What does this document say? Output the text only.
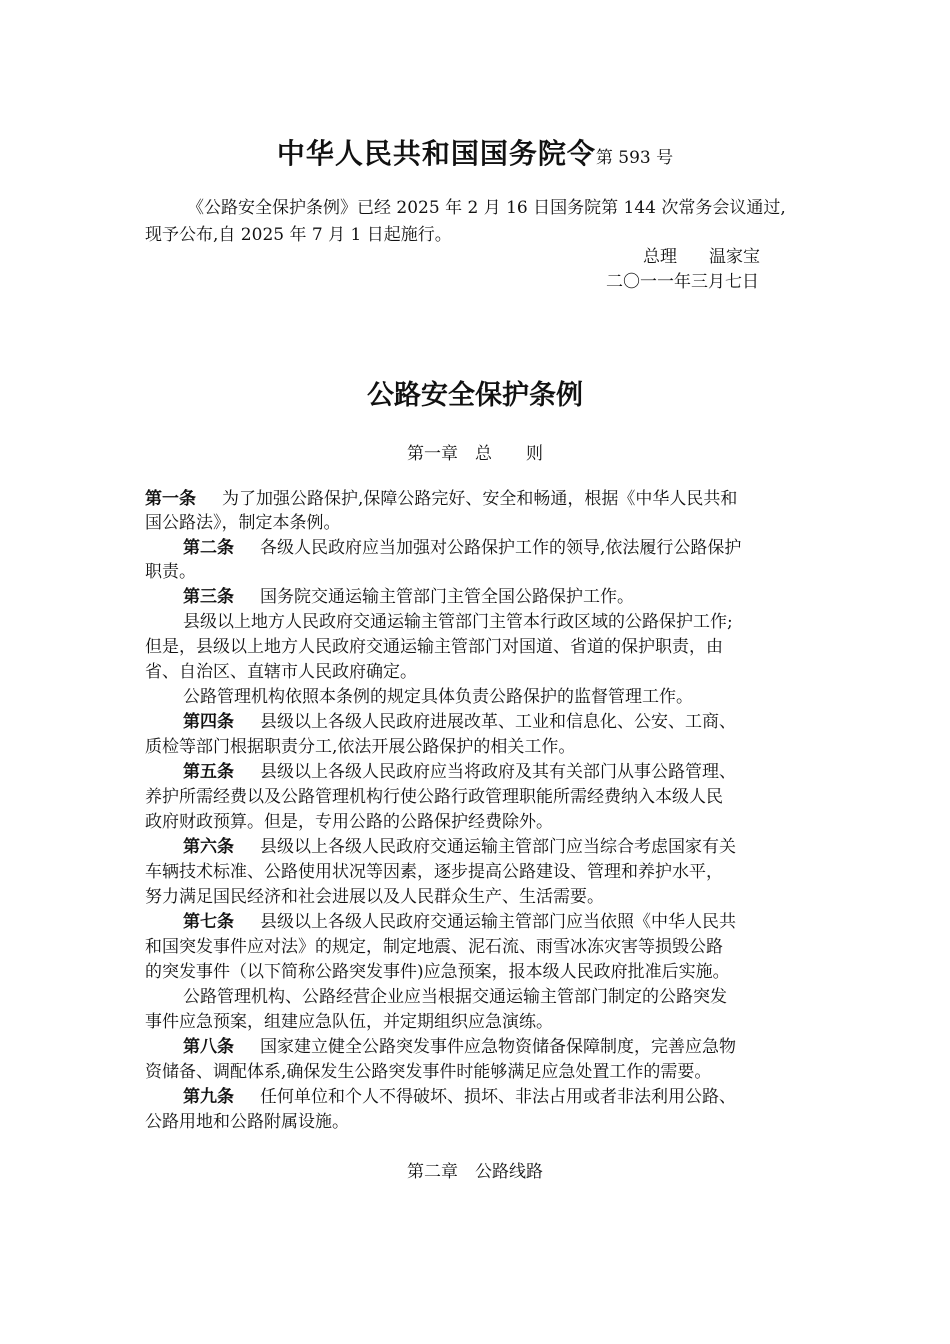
中华人民共和国国务院令第 593 号
《公路安全保护条例》已经 2025 年 2 月 16 日国务院第 144 次常务会议通过,
现予公布,自 2025 年 7 月 1 日起施行。
总理 温家宝
二〇一一年三月七日
公路安全保护条例
第一章　总　　则
第一条 为了加强公路保护,保障公路完好、安全和畅通，根据《中华人民共和
国公路法》，制定本条例。
第二条 各级人民政府应当加强对公路保护工作的领导,依法履行公路保护
职责。
第三条 国务院交通运输主管部门主管全国公路保护工作。
县级以上地方人民政府交通运输主管部门主管本行政区域的公路保护工作;
但是，县级以上地方人民政府交通运输主管部门对国道、省道的保护职责，由
省、自治区、直辖市人民政府确定。
公路管理机构依照本条例的规定具体负责公路保护的监督管理工作。
第四条 县级以上各级人民政府进展改革、工业和信息化、公安、工商、
质检等部门根据职责分工,依法开展公路保护的相关工作。
第五条 县级以上各级人民政府应当将政府及其有关部门从事公路管理、
养护所需经费以及公路管理机构行使公路行政管理职能所需经费纳入本级人民
政府财政预算。但是，专用公路的公路保护经费除外。
第六条 县级以上各级人民政府交通运输主管部门应当综合考虑国家有关
车辆技术标准、公路使用状况等因素，逐步提高公路建设、管理和养护水平，
努力满足国民经济和社会进展以及人民群众生产、生活需要。
第七条 县级以上各级人民政府交通运输主管部门应当依照《中华人民共
和国突发事件应对法》的规定，制定地震、泥石流、雨雪冰冻灾害等损毁公路
的突发事件（以下简称公路突发事件)应急预案，报本级人民政府批准后实施。
公路管理机构、公路经营企业应当根据交通运输主管部门制定的公路突发
事件应急预案，组建应急队伍，并定期组织应急演练。
第八条 国家建立健全公路突发事件应急物资储备保障制度，完善应急物
资储备、调配体系,确保发生公路突发事件时能够满足应急处置工作的需要。
第九条 任何单位和个人不得破坏、损坏、非法占用或者非法利用公路、
公路用地和公路附属设施。
第二章　公路线路
